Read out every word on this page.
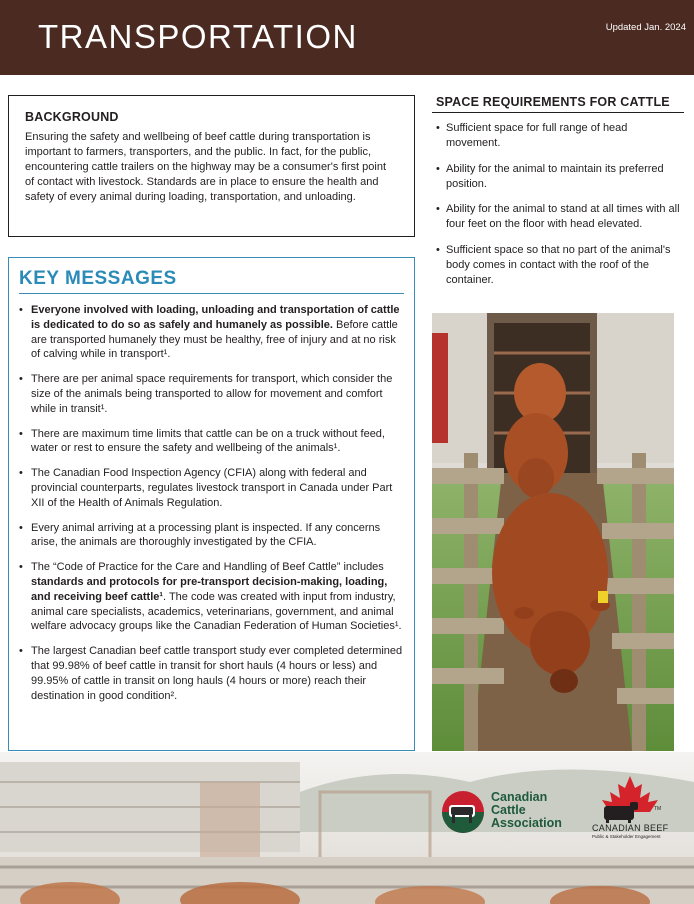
TRANSPORTATION	Updated Jan. 2024
BACKGROUND

Ensuring the safety and wellbeing of beef cattle during transportation is important to farmers, transporters, and the public. In fact, for the public, encountering cattle trailers on the highway may be a consumer's first point of contact with livestock. Standards are in place to ensure the health and safety of every animal during loading, transportation, and unloading.

KEY MESSAGES
• Everyone involved with loading, unloading and transportation of cattle is dedicated to do so as safely and humanely as possible. Before cattle are transported humanely they must be healthy, free of injury and at no risk of calving while in transport¹.
• There are per animal space requirements for transport, which consider the size of the animals being transported to allow for movement and comfort while in transit¹.
• There are maximum time limits that cattle can be on a truck without feed, water or rest to ensure the safety and wellbeing of the animals¹.
• The Canadian Food Inspection Agency (CFIA) along with federal and provincial counterparts, regulates livestock transport in Canada under Part XII of the Health of Animals Regulation.
• Every animal arriving at a processing plant is inspected. If any concerns arise, the animals are thoroughly investigated by the CFIA.
• The “Code of Practice for the Care and Handling of Beef Cattle” includes standards and protocols for pre-transport decision-making, loading, and receiving beef cattle¹. The code was created with input from industry, animal care specialists, academics, veterinarians, government, and animal welfare advocacy groups like the Canadian Federation of Human Societies¹.
• The largest Canadian beef cattle transport study ever completed determined that 99.98% of beef cattle in transit for short hauls (4 hours or less) and 99.95% of cattle in transit on long hauls (4 hours or more) reach their destination in good condition².
SPACE REQUIREMENTS FOR CATTLE
• Sufficient space for full range of head movement.
• Ability for the animal to maintain its preferred position.
• Ability for the animal to stand at all times with all four feet on the floor with head elevated.
• Sufficient space so that no part of the animal's body comes in contact with the roof of the container.
Canadian
Cattle
Association
TM
CANADIAN BEEF
Public & Stakeholder Engagement
